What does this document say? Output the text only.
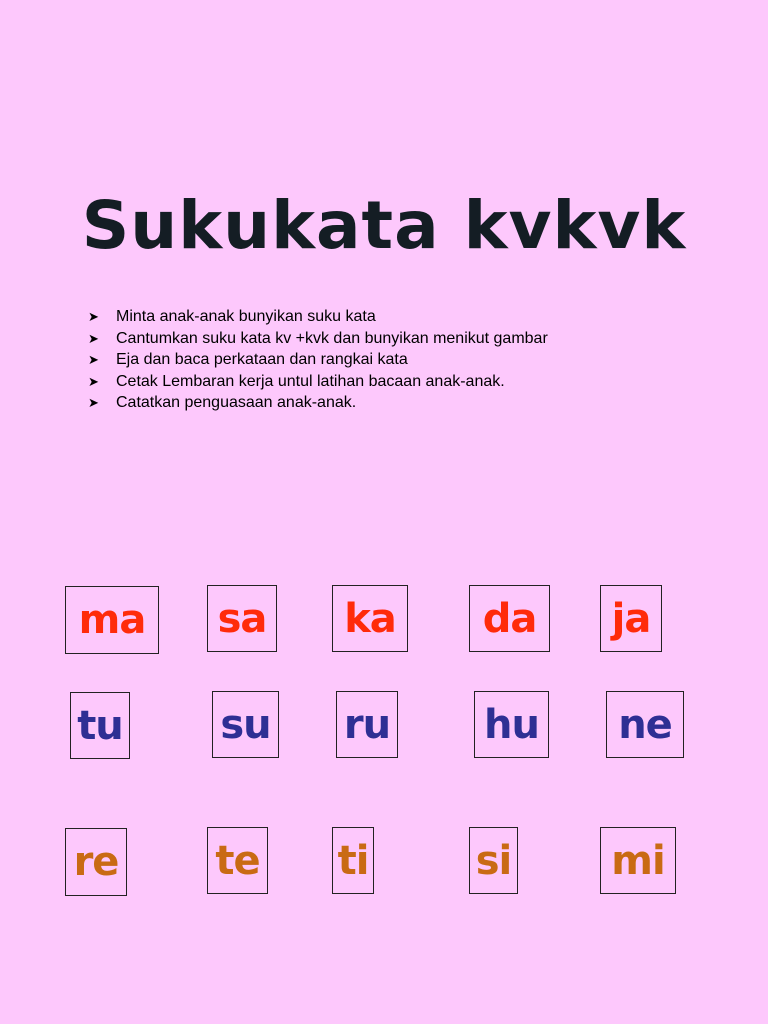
Sukukata kvkvk
➤ Minta anak-anak bunyikan suku kata
➤ Cantumkan suku kata kv +kvk dan bunyikan menikut gambar
➤ Eja dan baca perkataan dan rangkai kata
➤ Cetak Lembaran kerja untul latihan bacaan anak-anak.
➤ Catatkan penguasaan anak-anak.
ma	sa	ka	da	ja
tu su ru hu	ne
re te ti	si	mi
